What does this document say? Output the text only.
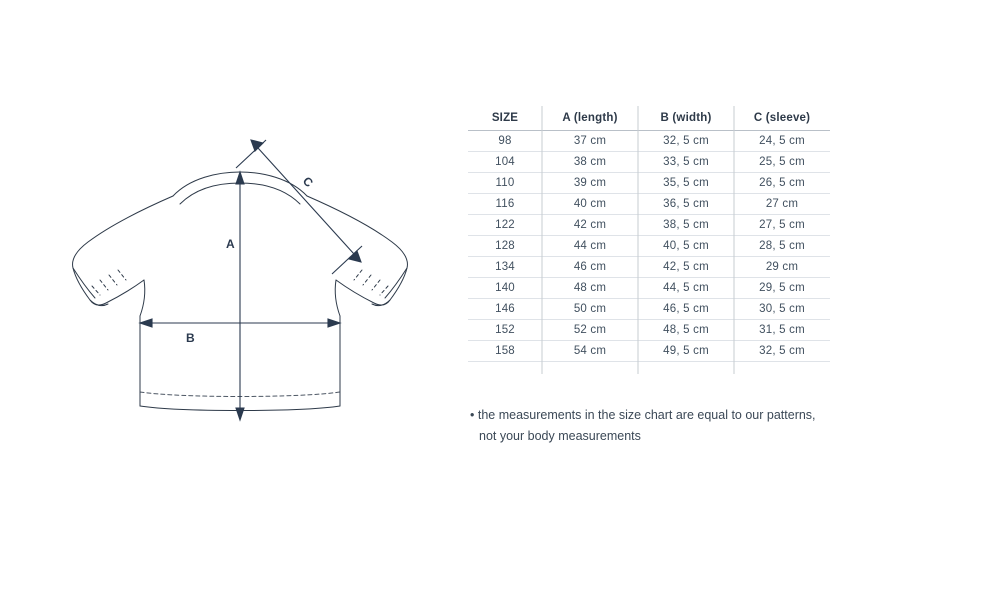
A
B
C
SIZE	A (length)	B (width)	C (sleeve)
98	37 cm	32, 5 cm	24, 5 cm
104	38 cm	33, 5 cm	25, 5 cm
110	39 cm	35, 5 cm	26, 5 cm
116	40 cm	36, 5 cm	27 cm
122	42 cm	38, 5 cm	27, 5 cm
128	44 cm	40, 5 cm	28, 5 cm
134	46 cm	42, 5 cm	29 cm
140	48 cm	44, 5 cm	29, 5 cm
146	50 cm	46, 5 cm	30, 5 cm
152	52 cm	48, 5 cm	31, 5 cm
158	54 cm	49, 5 cm	32, 5 cm
• the measurements in the size chart are equal to our patterns,
not your body measurements
